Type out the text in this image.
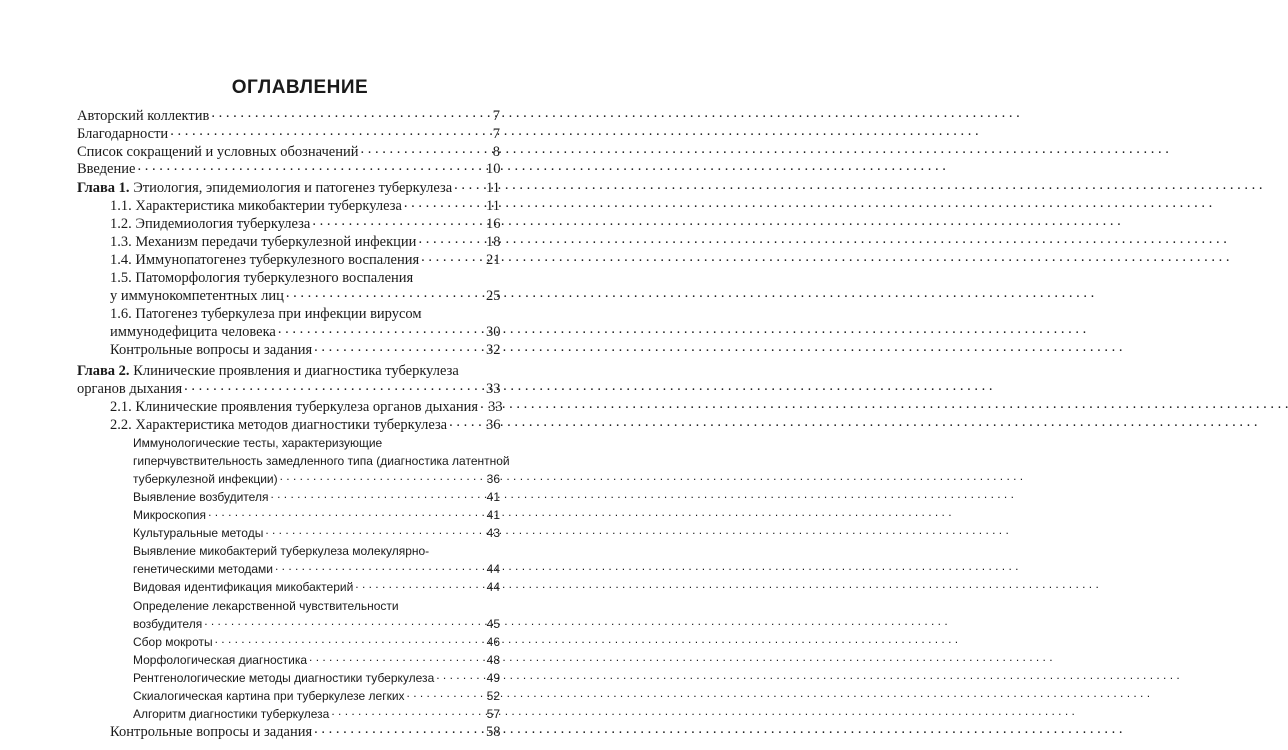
ОГЛАВЛЕНИЕ
Авторский коллектив . . .	7
Благодарности . . .	7
Список сокращений и условных обозначений . . .	8
Введение . . .	10
Глава 1. Этиология, эпидемиология и патогенез туберкулеза . . . 11
1.1. Характеристика микобактерии туберкулеза . . .	11
1.2. Эпидемиология туберкулеза . . .	16
1.3. Механизм передачи туберкулезной инфекции . . .	18
1.4. Иммунопатогенез туберкулезного воспаления . . .	21
1.5. Патоморфология туберкулезного воспаления
у иммунокомпетентных лиц . . .	25
1.6. Патогенез туберкулеза при инфекции вирусом
иммунодефицита человека . . .	30
Контрольные вопросы и задания . . .	32
Глава 2. Клинические проявления и диагностика туберкулеза
органов дыхания . . .	33
2.1. Клинические проявления туберкулеза органов дыхания . . . 33
2.2. Характеристика методов диагностики туберкулеза . . .	36
Иммунологические тесты, характеризующие
гиперчувствительность замедленного типа (диагностика латентной
туберкулезной инфекции) . . .	36
Выявление возбудителя . . .	41
Микроскопия . . .	41
Культуральные методы . . .	43
Выявление микобактерий туберкулеза молекулярно-
генетическими методами . . .	44
Видовая идентификация микобактерий . . .	44
Определение лекарственной чувствительности
возбудителя . . .	45
Сбор мокроты . . .	46
Морфологическая диагностика . . .	48
Рентгенологические методы диагностики туберкулеза . . .	49
Скиалогическая картина при туберкулезе легких . . .	52
Алгоритм диагностики туберкулеза . . .	57
Контрольные вопросы и задания . . .	58
